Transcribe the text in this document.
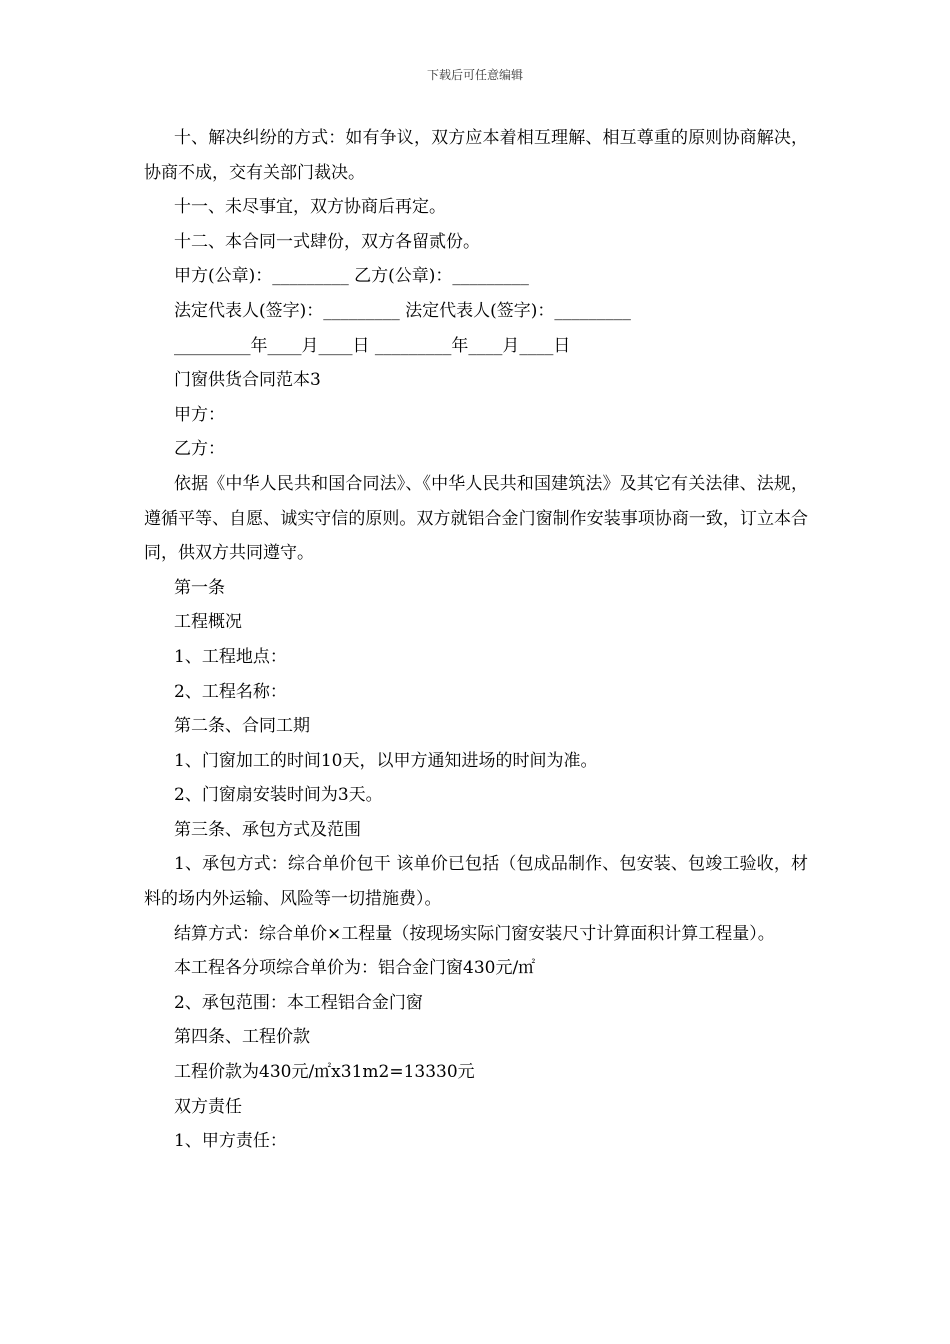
下载后可任意编辑

十、解决纠纷的方式：如有争议，双方应本着相互理解、相互尊重的原则协商解决，协商不成，交有关部门裁决。

十一、未尽事宜，双方协商后再定。

十二、本合同一式肆份，双方各留贰份。

甲方(公章)：_________ 乙方(公章)：_________

法定代表人(签字)：_________ 法定代表人(签字)：_________

_________年____月____日 _________年____月____日

门窗供货合同范本3

甲方：

乙方：

依据《中华人民共和国合同法》、《中华人民共和国建筑法》及其它有关法律、法规，遵循平等、自愿、诚实守信的原则。双方就铝合金门窗制作安装事项协商一致，订立本合同，供双方共同遵守。

第一条

工程概况

1、工程地点：

2、工程名称：

第二条、合同工期

1、门窗加工的时间10天，以甲方通知进场的时间为准。

2、门窗扇安装时间为3天。

第三条、承包方式及范围

1、承包方式：综合单价包干 该单价已包括（包成品制作、包安装、包竣工验收，材料的场内外运输、风险等一切措施费）。

结算方式：综合单价×工程量（按现场实际门窗安装尺寸计算面积计算工程量）。

本工程各分项综合单价为：铝合金门窗430元/㎡

2、承包范围：本工程铝合金门窗

第四条、工程价款

工程价款为430元/㎡x31m2=13330元

双方责任

1、甲方责任：
